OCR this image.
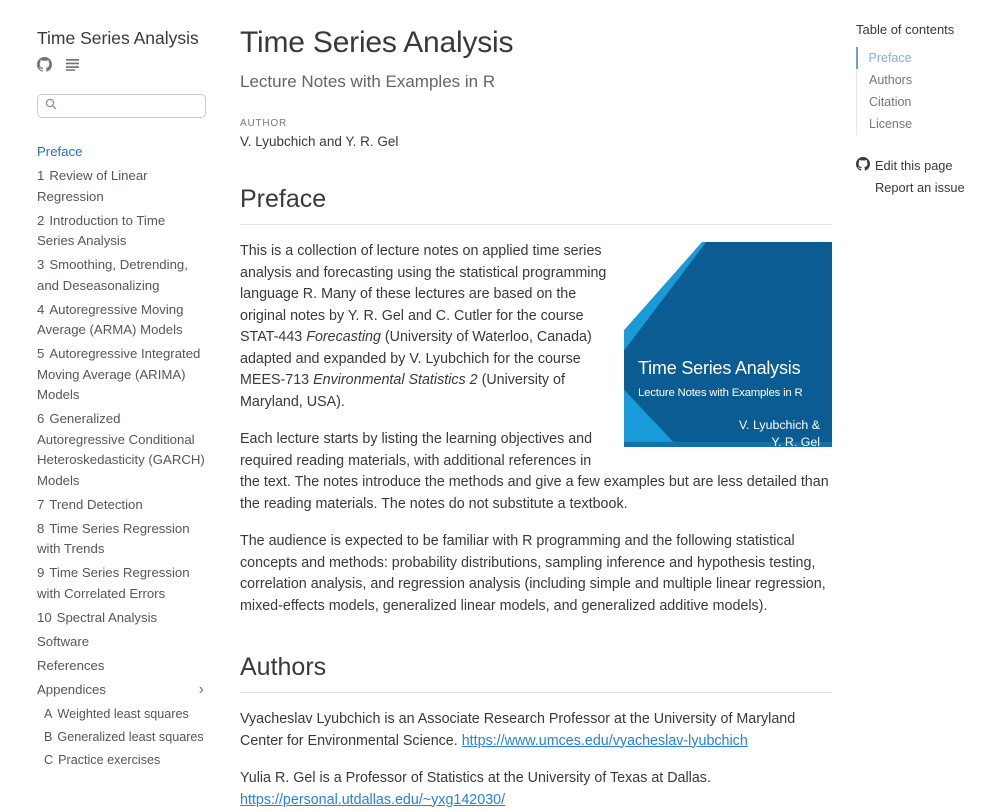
Time Series Analysis
Preface
1 Review of Linear Regression
2 Introduction to Time Series Analysis
3 Smoothing, Detrending, and Deseasonalizing
4 Autoregressive Moving Average (ARMA) Models
5 Autoregressive Integrated Moving Average (ARIMA) Models
6 Generalized Autoregressive Conditional Heteroskedasticity (GARCH) Models
7 Trend Detection
8 Time Series Regression with Trends
9 Time Series Regression with Correlated Errors
10 Spectral Analysis
Software
References
Appendices	›
A Weighted least squares
B Generalized least squares
C Practice exercises
Time Series Analysis
Lecture Notes with Examples in R
AUTHOR
V. Lyubchich and Y. R. Gel
Preface
Time Series Analysis
Lecture Notes with Examples in R
V. Lyubchich &
Y. R. Gel

This is a collection of lecture notes on applied time series analysis and forecasting using the statistical programming language R. Many of these lectures are based on the original notes by Y. R. Gel and C. Cutler for the course STAT-443 Forecasting (University of Waterloo, Canada) adapted and expanded by V. Lyubchich for the course MEES-713 Environmental Statistics 2 (University of Maryland, USA).

Each lecture starts by listing the learning objectives and required reading materials, with additional references in the text. The notes introduce the methods and give a few examples but are less detailed than the reading materials. The notes do not substitute a textbook.

The audience is expected to be familiar with R programming and the following statistical concepts and methods: probability distributions, sampling inference and hypothesis testing, correlation analysis, and regression analysis (including simple and multiple linear regression, mixed-effects models, generalized linear models, and generalized additive models).

Authors

Vyacheslav Lyubchich is an Associate Research Professor at the University of Maryland Center for Environmental Science. https://www.umces.edu/vyacheslav-lyubchich

Yulia R. Gel is a Professor of Statistics at the University of Texas at Dallas. https://personal.utdallas.edu/~yxg142030/

Table of contents
Preface
Authors
Citation
License
Edit this page
Report an issue
